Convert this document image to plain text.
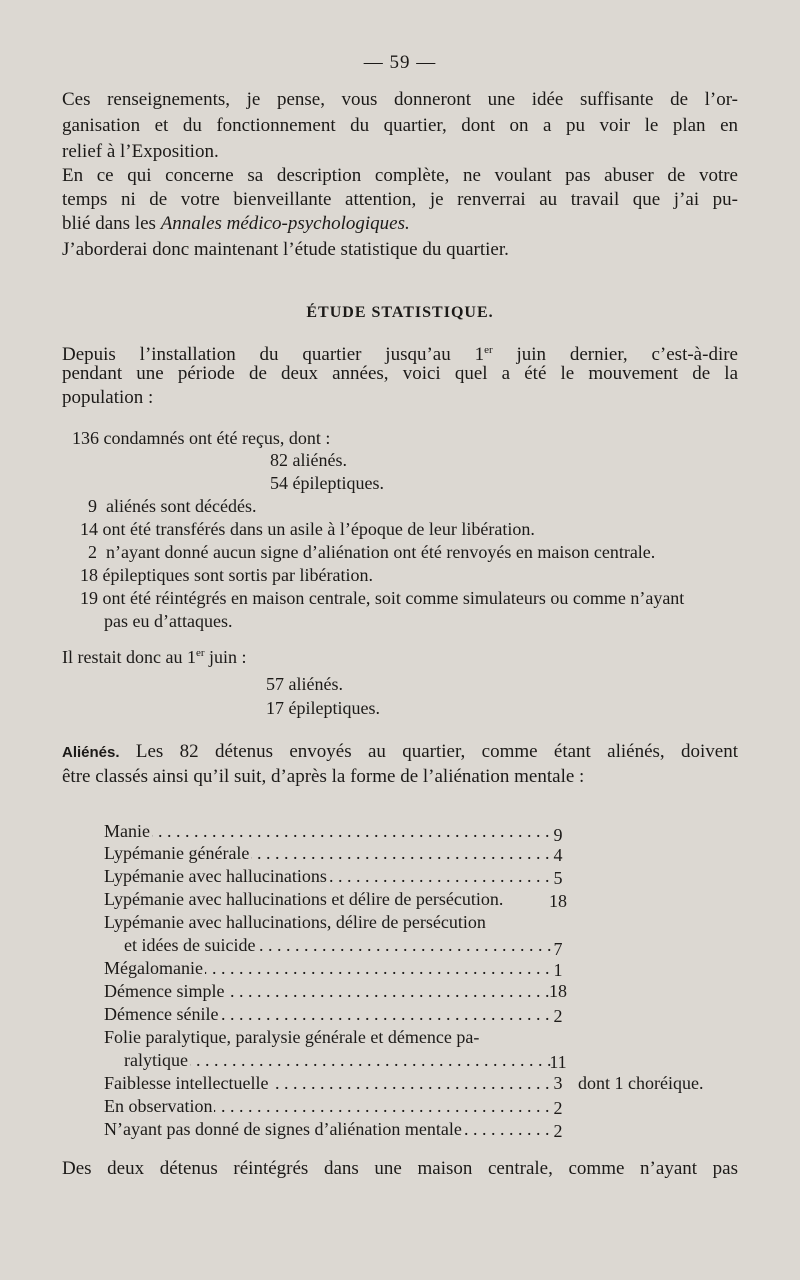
— 59 —
Ces renseignements, je pense, vous donneront une idée suffisante de l’or-
ganisation et du fonctionnement du quartier, dont on a pu voir le plan en
relief à l’Exposition.
En ce qui concerne sa description complète, ne voulant pas abuser de votre
temps ni de votre bienveillante attention, je renverrai au travail que j’ai pu-
blié dans les Annales médico-psychologiques.
J’aborderai donc maintenant l’étude statistique du quartier.
ÉTUDE STATISTIQUE.
Depuis l’installation du quartier jusqu’au 1er juin dernier, c’est-à-dire
pendant une période de deux années, voici quel a été le mouvement de la
population :
136 condamnés ont été reçus, dont :
82 aliénés.
54 épileptiques.
9 aliénés sont décédés.
14 ont été transférés dans un asile à l’époque de leur libération.
2 n’ayant donné aucun signe d’aliénation ont été renvoyés en maison centrale.
18 épileptiques sont sortis par libération.
19 ont été réintégrés en maison centrale, soit comme simulateurs ou comme n’ayant
pas eu d’attaques.
Il restait donc au 1er juin :
57 aliénés.
17 épileptiques.
Aliénés. Les 82 détenus envoyés au quartier, comme étant aliénés, doivent
être classés ainsi qu’il suit, d’après la forme de l’aliénation mentale :
Manie . . .	9
Lypémanie générale . . .	4
Lypémanie avec hallucinations . . .	5
Lypémanie avec hallucinations et délire de persécution.	18
Lypémanie avec hallucinations, délire de persécution
et idées de suicide . . .	7
Mégalomanie . . .	1
Démence simple . . .	18
Démence sénile . . .	2
Folie paralytique, paralysie générale et démence pa-
ralytique . . .	11
Faiblesse intellectuelle . . .	3 dont 1 choréique.
En observation . . .	2
N’ayant pas donné de signes d’aliénation mentale . . .	2
Des deux détenus réintégrés dans une maison centrale, comme n’ayant pas
